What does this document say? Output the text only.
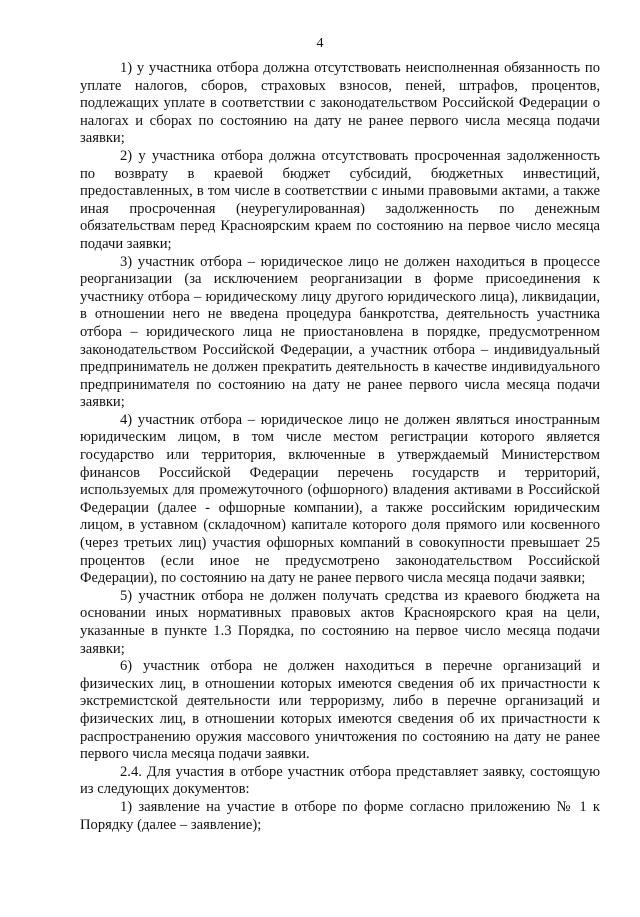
4

1) у участника отбора должна отсутствовать неисполненная обязанность по уплате налогов, сборов, страховых взносов, пеней, штрафов, процентов, подлежащих уплате в соответствии с законодательством Российской Федерации о налогах и сборах по состоянию на дату не ранее первого числа месяца подачи заявки;

2) у участника отбора должна отсутствовать просроченная задолженность по возврату в краевой бюджет субсидий, бюджетных инвестиций, предоставленных, в том числе в соответствии с иными правовыми актами, а также иная просроченная (неурегулированная) задолженность по денежным обязательствам перед Красноярским краем по состоянию на первое число месяца подачи заявки;

3) участник отбора – юридическое лицо не должен находиться в процессе реорганизации (за исключением реорганизации в форме присоединения к участнику отбора – юридическому лицу другого юридического лица), ликвидации, в отношении него не введена процедура банкротства, деятельность участника отбора – юридического лица не приостановлена в порядке, предусмотренном законодательством Российской Федерации, а участник отбора – индивидуальный предприниматель не должен прекратить деятельность в качестве индивидуального предпринимателя по состоянию на дату не ранее первого числа месяца подачи заявки;

4) участник отбора – юридическое лицо не должен являться иностранным юридическим лицом, в том числе местом регистрации которого является государство или территория, включенные в утверждаемый Министерством финансов Российской Федерации перечень государств и территорий, используемых для промежуточного (офшорного) владения активами в Российской Федерации (далее - офшорные компании), а также российским юридическим лицом, в уставном (складочном) капитале которого доля прямого или косвенного (через третьих лиц) участия офшорных компаний в совокупности превышает 25 процентов (если иное не предусмотрено законодательством Российской Федерации), по состоянию на дату не ранее первого числа месяца подачи заявки;

5) участник отбора не должен получать средства из краевого бюджета на основании иных нормативных правовых актов Красноярского края на цели, указанные в пункте 1.3 Порядка, по состоянию на первое число месяца подачи заявки;

6) участник отбора не должен находиться в перечне организаций и физических лиц, в отношении которых имеются сведения об их причастности к экстремистской деятельности или терроризму, либо в перечне организаций и физических лиц, в отношении которых имеются сведения об их причастности к распространению оружия массового уничтожения по состоянию на дату не ранее первого числа месяца подачи заявки.

2.4. Для участия в отборе участник отбора представляет заявку, состоящую из следующих документов:

1) заявление на участие в отборе по форме согласно приложению № 1 к Порядку (далее – заявление);
